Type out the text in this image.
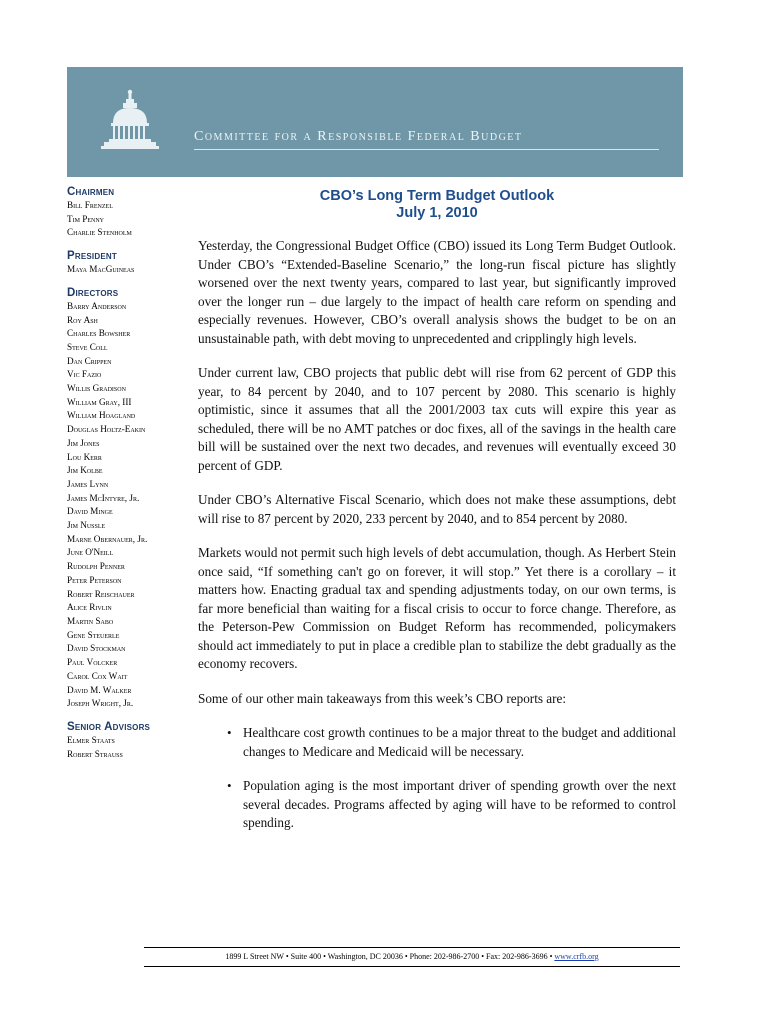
Committee for a Responsible Federal Budget
Chairmen
Bill Frenzel
Tim Penny
Charlie Stenholm
President
Maya MacGuineas
Directors
Barry Anderson
Roy Ash
Charles Bowsher
Steve Coll
Dan Crippen
Vic Fazio
Willis Gradison
William Gray, III
William Hoagland
Douglas Holtz-Eakin
Jim Jones
Lou Kerr
Jim Kolbe
James Lynn
James McIntyre, Jr.
David Minge
Jim Nussle
Marne Obernauer, Jr.
June O'Neill
Rudolph Penner
Peter Peterson
Robert Reischauer
Alice Rivlin
Martin Sabo
Gene Steuerle
David Stockman
Paul Volcker
Carol Cox Wait
David M. Walker
Joseph Wright, Jr.
Senior Advisors
Elmer Staats
Robert Strauss
CBO’s Long Term Budget Outlook
July 1, 2010

Yesterday, the Congressional Budget Office (CBO) issued its Long Term Budget Outlook. Under CBO’s “Extended-Baseline Scenario,” the long-run fiscal picture has slightly worsened over the next twenty years, compared to last year, but significantly improved over the longer run – due largely to the impact of health care reform on spending and especially revenues. However, CBO’s overall analysis shows the budget to be on an unsustainable path, with debt moving to unprecedented and cripplingly high levels.

Under current law, CBO projects that public debt will rise from 62 percent of GDP this year, to 84 percent by 2040, and to 107 percent by 2080. This scenario is highly optimistic, since it assumes that all the 2001/2003 tax cuts will expire this year as scheduled, there will be no AMT patches or doc fixes, all of the savings in the health care bill will be sustained over the next two decades, and revenues will eventually exceed 30 percent of GDP.

Under CBO’s Alternative Fiscal Scenario, which does not make these assumptions, debt will rise to 87 percent by 2020, 233 percent by 2040, and to 854 percent by 2080.

Markets would not permit such high levels of debt accumulation, though. As Herbert Stein once said, “If something can't go on forever, it will stop.” Yet there is a corollary – it matters how. Enacting gradual tax and spending adjustments today, on our own terms, is far more beneficial than waiting for a fiscal crisis to occur to force change. Therefore, as the Peterson-Pew Commission on Budget Reform has recommended, policymakers should act immediately to put in place a credible plan to stabilize the debt gradually as the economy recovers.

Some of our other main takeaways from this week’s CBO reports are:

• Healthcare cost growth continues to be a major threat to the budget and additional changes to Medicare and Medicaid will be necessary.
• Population aging is the most important driver of spending growth over the next several decades. Programs affected by aging will have to be reformed to control spending.
1899 L Street NW • Suite 400 • Washington, DC 20036 • Phone: 202-986-2700 • Fax: 202-986-3696 • www.crfb.org
